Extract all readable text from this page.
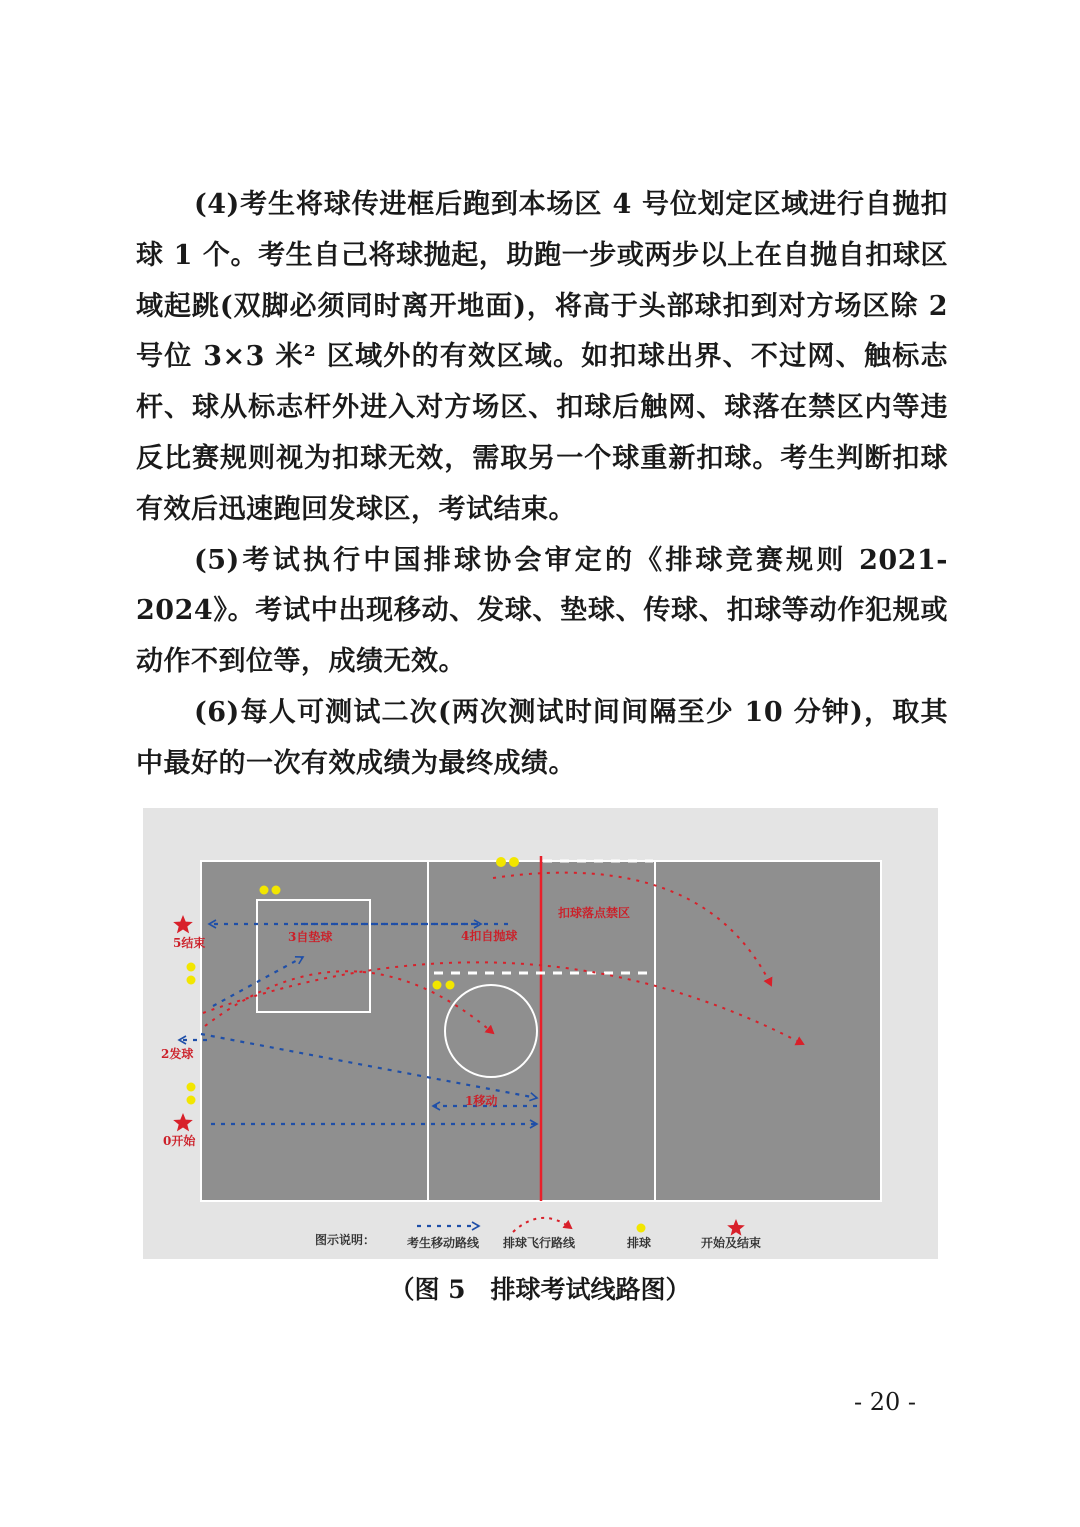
(4)考生将球传进框后跑到本场区 4 号位划定区域进行自抛扣球 1 个。考生自己将球抛起，助跑一步或两步以上在自抛自扣球区域起跳(双脚必须同时离开地面)，将高于头部球扣到对方场区除 2 号位 3×3 米² 区域外的有效区域。如扣球出界、不过网、触标志杆、球从标志杆外进入对方场区、扣球后触网、球落在禁区内等违反比赛规则视为扣球无效，需取另一个球重新扣球。考生判断扣球有效后迅速跑回发球区，考试结束。

(5)考试执行中国排球协会审定的《排球竞赛规则 2021-2024》。考试中出现移动、发球、垫球、传球、扣球等动作犯规或动作不到位等，成绩无效。

(6)每人可测试二次(两次测试时间间隔至少 10 分钟)，取其中最好的一次有效成绩为最终成绩。

5结束
2发球
0开始
3自垫球	4扣自抛球
扣球落点禁区
1移动
图示说明：	考生移动路线 排球飞行路线	排球	开始及结束
（图 5　排球考试线路图）
- 20 -
